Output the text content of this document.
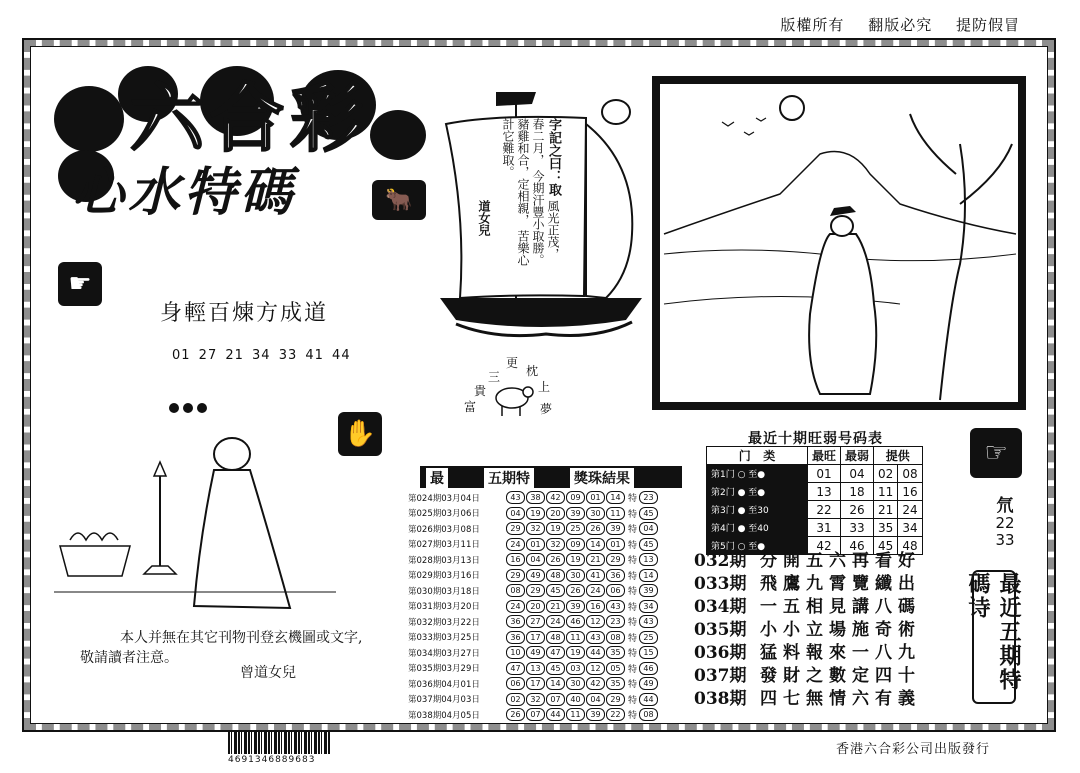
版權所有 翻版必究 提防假冒
六合彩
心水特碼	🐂
☛
身輕百煉方成道
01 27 21 34 33 41 44
字記之曰：取 風光正茂，春二月， 今期汗豐小取勝。 豬雞和合，定相親， 苦樂心計它難取。
道女兒
三
更
枕
上
夢
富
貴
✋
本人并無在其它刊物刊登玄機圖或文字,
敬請讀者注意。
曾道女兒
最	五期特	獎珠結果
第024期03月04日	43	38	42	09	01	14 特 23
第025期03月06日	04	19	20	39	30	11 特 45
第026期03月08日	29	32	19	25	26	39 特 04
第027期03月11日	24	01	32	09	14	01 特 45
第028期03月13日	16	04	26	19	21	29 特 13
第029期03月16日	29	49	48	30	41	36 特 14
第030期03月18日	08	29	45	26	24	06 特 39
第031期03月20日	24	20	21	39	16	43 特 34
第032期03月22日	36	27	24	46	12	23 特 43
第033期03月25日	36	17	48	11	43	08 特 25
第034期03月27日	10	49	47	19	44	35 特 15
第035期03月29日	47	13	45	03	12	05 特 46
第036期04月01日	06	17	14	30	42	35 特 49
第037期04月03日	02	32	07	40	04	29 特 44
第038期04月05日	26	07	44	11	39	22 特 08
最近十期旺弱号码表
门 类	最旺	最弱	提供	
第1门 ○ 至●	01	04	02	08
第2门 ● 至●	13	18	11	16
第3门 ● 至30	22	26	21	24
第4门 ● 至40	31	33	35	34
第5门 ○ 至●	42	46	45	48
032期 分開五六再看好
033期 飛鷹九霄覽纖出
034期 一五相見講八碼
035期 小小立場施奇術
036期 猛料報來一八九
037期 發財之數定四十
038期 四七無情六有義
☞
氘
22
33
最近五期特碼诗
4691346889683
香港六合彩公司出版發行
